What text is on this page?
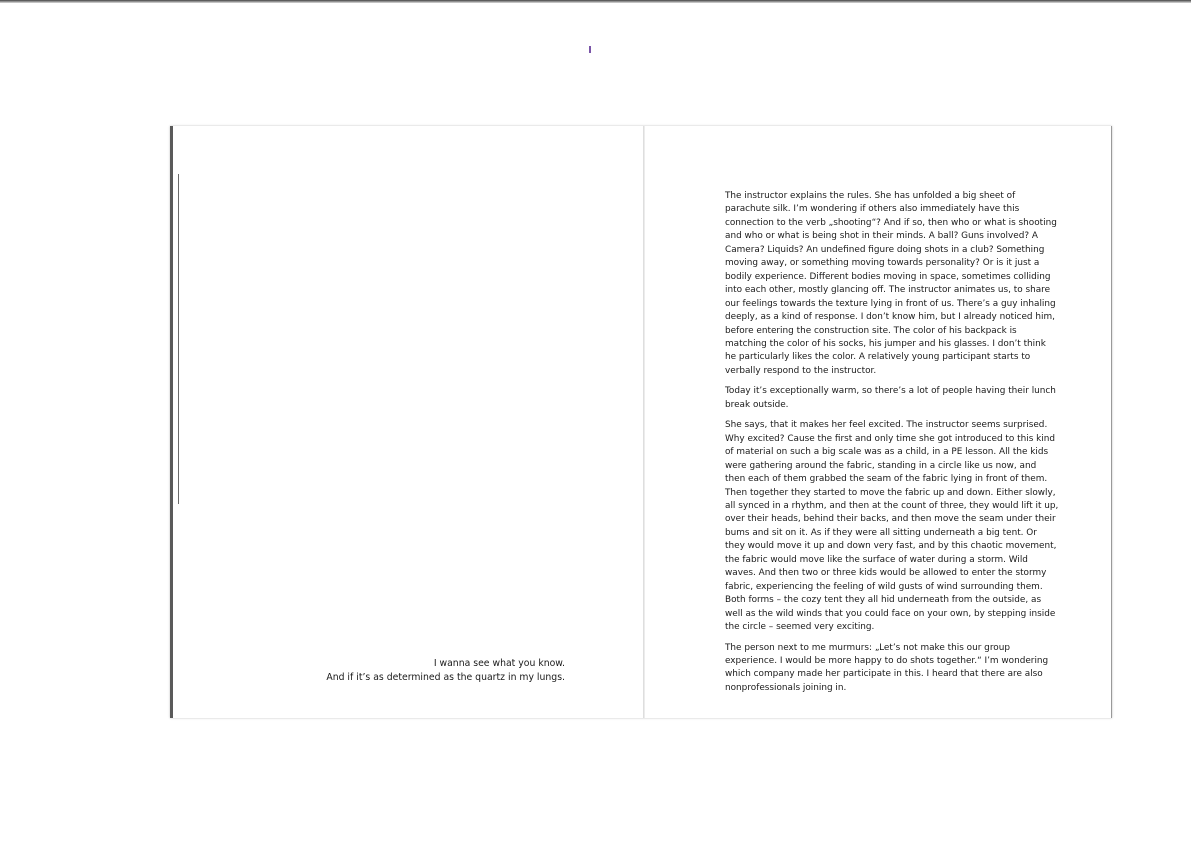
I wanna see what you know.
And if it’s as determined as the quartz in my lungs.

The instructor explains the rules. She has unfolded a big sheet of parachute silk. I’m wondering if others also immediately have this connection to the verb „shooting“? And if so, then who or what is shooting and who or what is being shot in their minds. A ball? Guns involved? A Camera? Liquids? An undefined figure doing shots in a club? Something moving away, or something moving towards personality? Or is it just a bodily experience. Different bodies moving in space, sometimes colliding into each other, mostly glancing off. The instructor animates us, to share our feelings towards the texture lying in front of us. There’s a guy inhaling deeply, as a kind of response. I don’t know him, but I already noticed him, before entering the construction site. The color of his backpack is matching the color of his socks, his jumper and his glasses. I don’t think he particularly likes the color. A relatively young participant starts to verbally respond to the instructor.

Today it’s exceptionally warm, so there’s a lot of people having their lunch break outside.

She says, that it makes her feel excited. The instructor seems surprised. Why excited? Cause the first and only time she got introduced to this kind of material on such a big scale was as a child, in a PE lesson. All the kids were gathering around the fabric, standing in a circle like us now, and then each of them grabbed the seam of the fabric lying in front of them. Then together they started to move the fabric up and down. Either slowly, all synced in a rhythm, and then at the count of three, they would lift it up, over their heads, behind their backs, and then move the seam under their bums and sit on it. As if they were all sitting underneath a big tent. Or they would move it up and down very fast, and by this chaotic movement, the fabric would move like the surface of water during a storm. Wild waves. And then two or three kids would be allowed to enter the stormy fabric, experiencing the feeling of wild gusts of wind surrounding them. Both forms – the cozy tent they all hid underneath from the outside, as well as the wild winds that you could face on your own, by stepping inside the circle – seemed very exciting.

The person next to me murmurs: „Let’s not make this our group experience. I would be more happy to do shots together.“ I’m wondering which company made her participate in this. I heard that there are also nonprofessionals joining in.
